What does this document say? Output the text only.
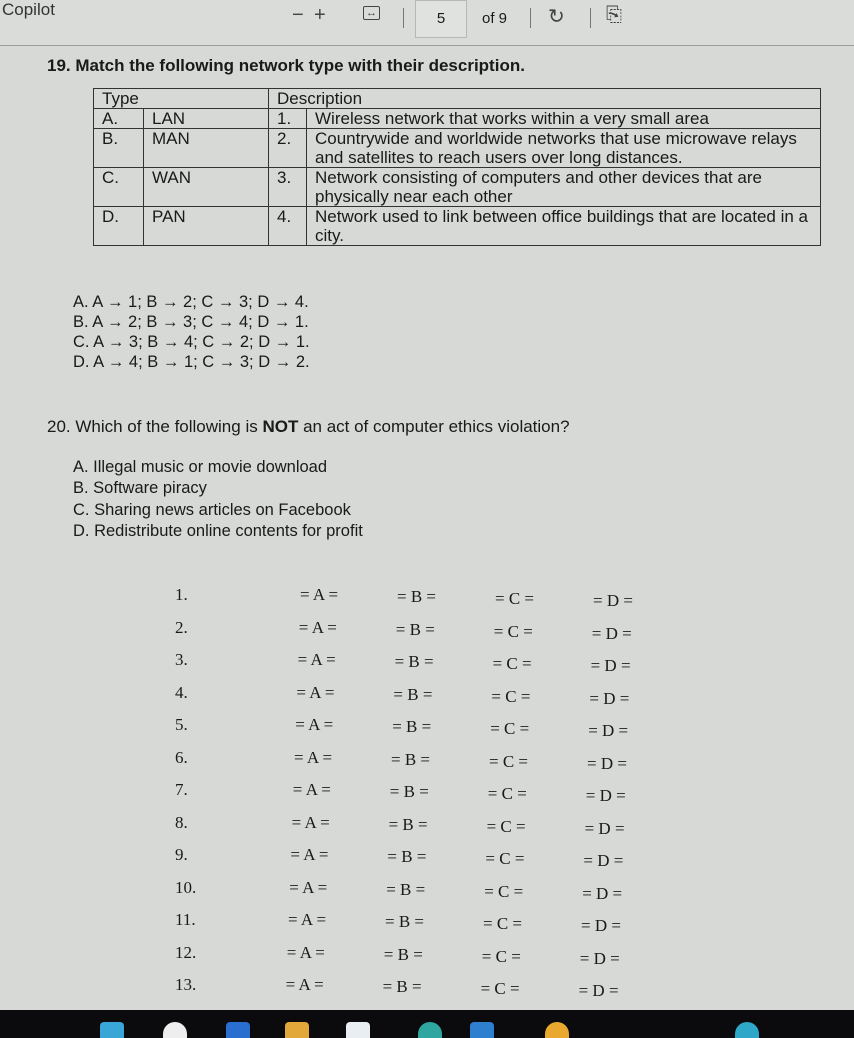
Copilot	− +	↔	5	of 9 ↻ ⎘
19. Match the following network type with their description.
Type		Description	
A.	LAN	1.	Wireless network that works within a very small area
B.	MAN	2.	Countrywide and worldwide networks that use microwave relays and satellites to reach users over long distances.
C.	WAN	3.	Network consisting of computers and other devices that are physically near each other
D.	PAN	4.	Network used to link between office buildings that are located in a city.
A. A → 1; B → 2; C → 3; D → 4.
B. A → 2; B → 3; C → 4; D → 1.
C. A → 3; B → 4; C → 2; D → 1.
D. A → 4; B → 1; C → 3; D → 2.
20. Which of the following is NOT an act of computer ethics violation?
A. Illegal music or movie download
B. Software piracy
C. Sharing news articles on Facebook
D. Redistribute online contents for profit
1.	= A =	= B =	= C =	= D =
2.	= A =	= B =	= C =	= D =
3.	= A =	= B =	= C =	= D =
4.	= A =	= B =	= C =	= D =
5.	= A =	= B =	= C =	= D =
6.	= A =	= B =	= C =	= D =
7.	= A =	= B =	= C =	= D =
8.	= A =	= B =	= C =	= D =
9.	= A =	= B =	= C =	= D =
10.	= A =	= B =	= C =	= D =
11.	= A =	= B =	= C =	= D =
12.	= A =	= B =	= C =	= D =
13.	= A =	= B =	= C =	= D =
